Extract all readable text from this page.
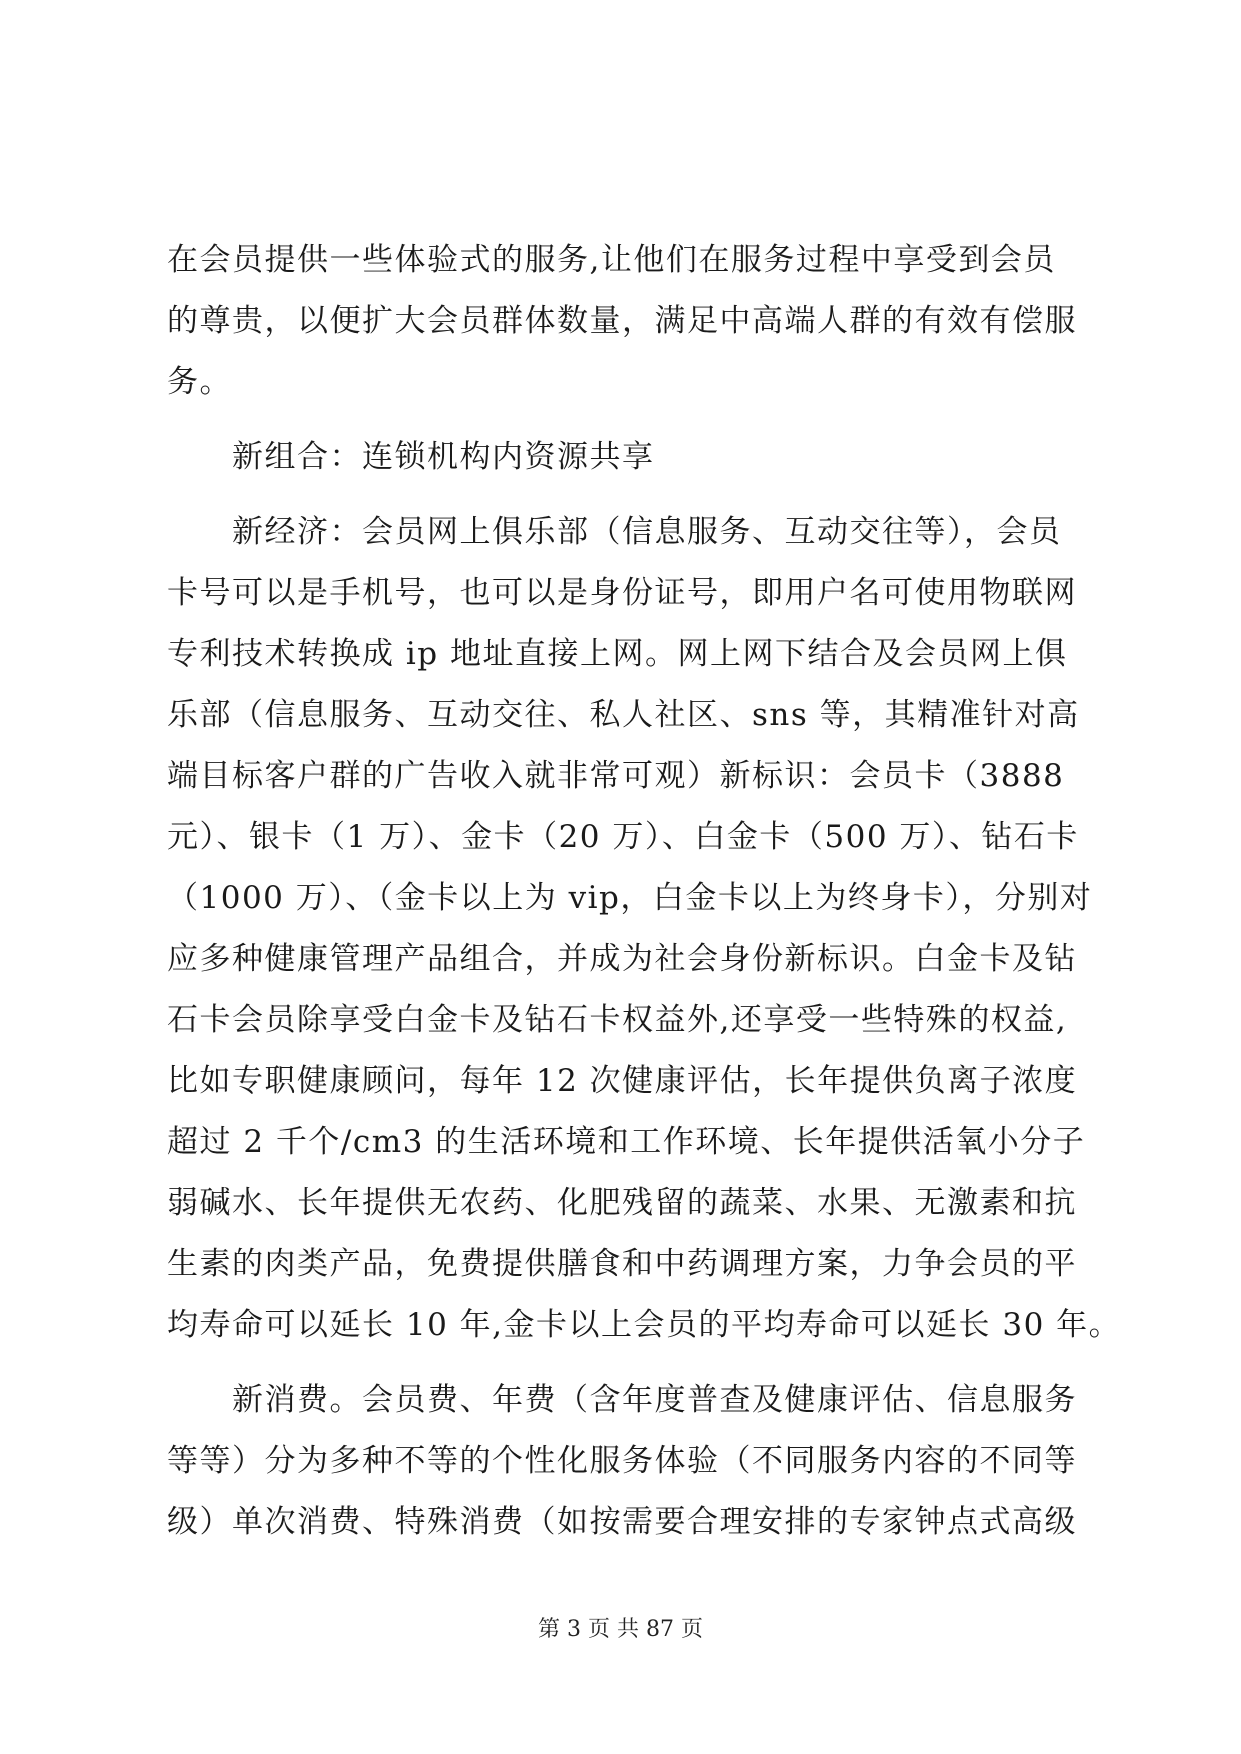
在会员提供一些体验式的服务,让他们在服务过程中享受到会员
的尊贵，以便扩大会员群体数量，满足中高端人群的有效有偿服
务。
　　新组合：连锁机构内资源共享
　　新经济：会员网上俱乐部（信息服务、互动交往等），会员
卡号可以是手机号，也可以是身份证号，即用户名可使用物联网
专利技术转换成 ip 地址直接上网。网上网下结合及会员网上俱
乐部（信息服务、互动交往、私人社区、sns 等，其精准针对高
端目标客户群的广告收入就非常可观）新标识：会员卡（3888
元）、银卡（1 万）、金卡（20 万）、白金卡（500 万）、钻石卡
（1000 万）、（金卡以上为 vip，白金卡以上为终身卡），分别对
应多种健康管理产品组合，并成为社会身份新标识。白金卡及钻
石卡会员除享受白金卡及钻石卡权益外,还享受一些特殊的权益,
比如专职健康顾问，每年 12 次健康评估，长年提供负离子浓度
超过 2 千个/cm3 的生活环境和工作环境、长年提供活氧小分子
弱碱水、长年提供无农药、化肥残留的蔬菜、水果、无激素和抗
生素的肉类产品，免费提供膳食和中药调理方案，力争会员的平
均寿命可以延长 10 年,金卡以上会员的平均寿命可以延长 30 年。
　　新消费。会员费、年费（含年度普查及健康评估、信息服务
等等）分为多种不等的个性化服务体验（不同服务内容的不同等
级）单次消费、特殊消费（如按需要合理安排的专家钟点式高级
第 3 页 共 87 页
